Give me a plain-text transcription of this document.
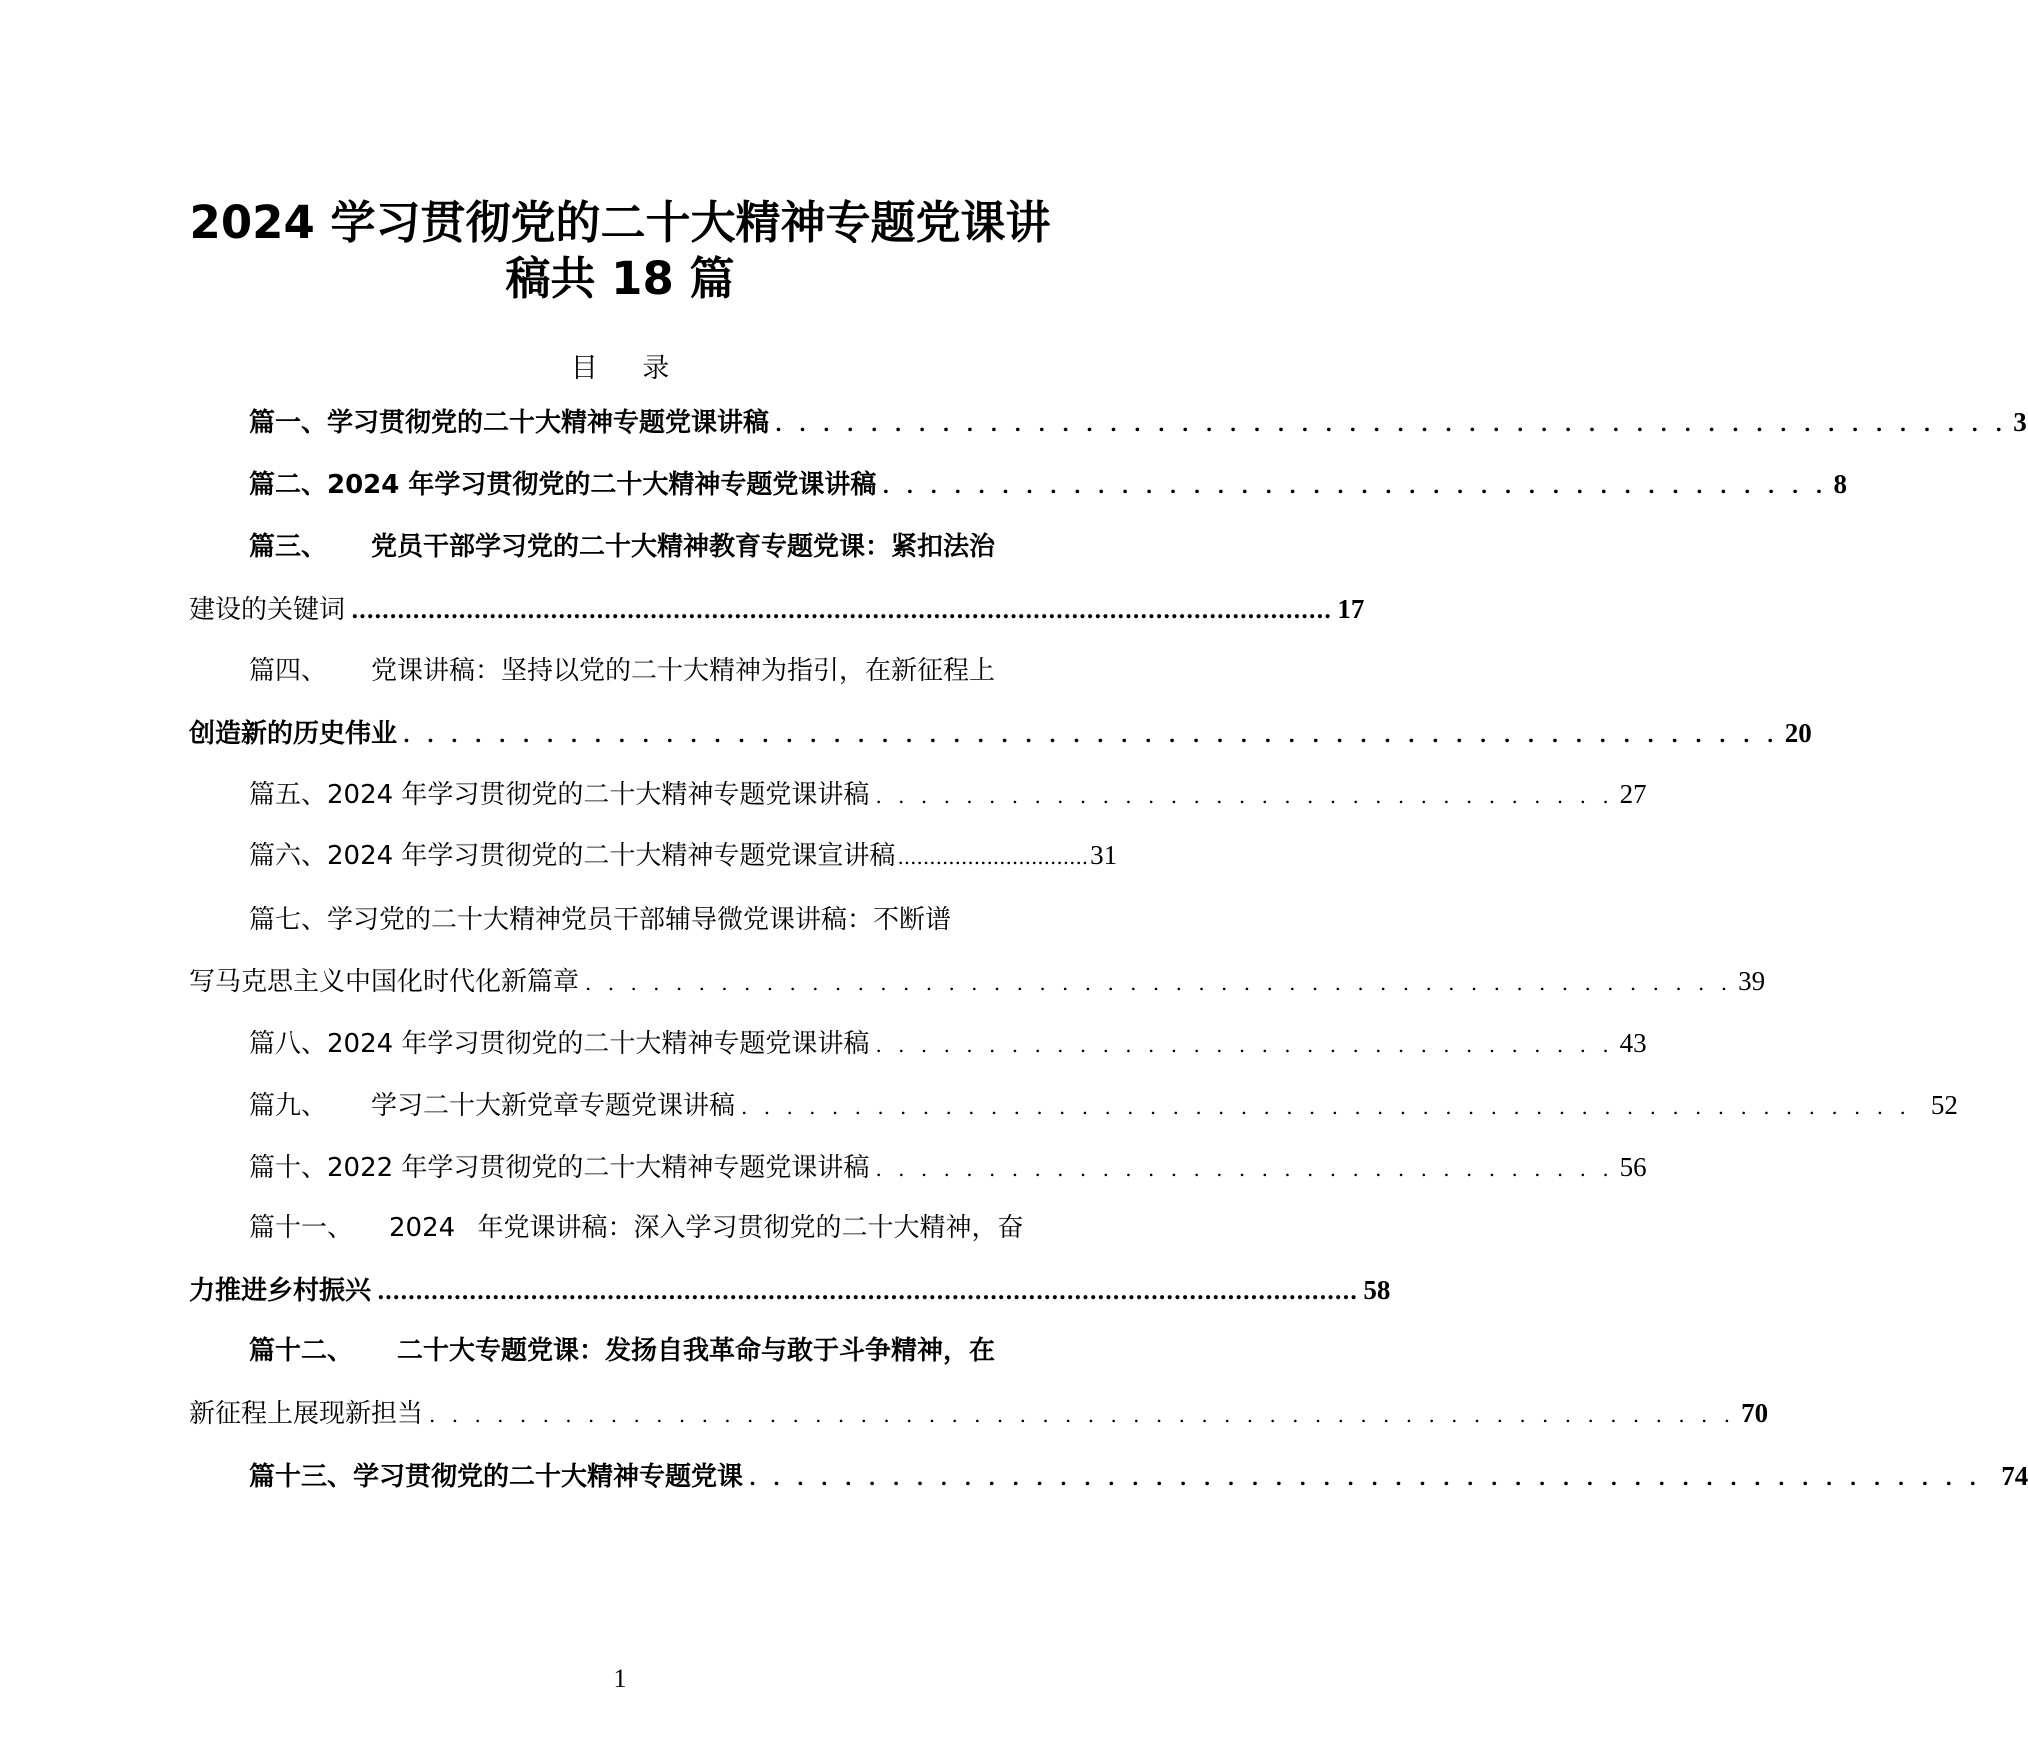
2024 学习贯彻党的二十大精神专题党课讲
稿共 18 篇
目 录
篇一、学习贯彻党的二十大精神专题党课讲稿 . . . . . . . . . . . . . . . . . . . . . . . . . . . . . . . . . . . . . . . . . . . . . . . . . . . . 3
篇二、2024 年学习贯彻党的二十大精神专题党课讲稿 . . . . . . . . . . . . . . . . . . . . . . . . . . . . . . . . . . . . . . . . 8
篇三、 党员干部学习党的二十大精神教育专题党课：紧扣法治
建设的关键词 ................................................................................................................................ 17
篇四、 党课讲稿：坚持以党的二十大精神为指引，在新征程上
创造新的历史伟业 . . . . . . . . . . . . . . . . . . . . . . . . . . . . . . . . . . . . . . . . . . . . . . . . . . . . . . . . . . 20
篇五、2024 年学习贯彻党的二十大精神专题党课讲稿 . . . . . . . . . . . . . . . . . . . . . . . . . . . . . . . . . 27
篇六、2024 年学习贯彻党的二十大精神专题党课宣讲稿 .............................. 31
篇七、学习党的二十大精神党员干部辅导微党课讲稿：不断谱
写马克思主义中国化时代化新篇章 . . . . . . . . . . . . . . . . . . . . . . . . . . . . . . . . . . . . . . . . . . . . . . . . . . . 39
篇八、2024 年学习贯彻党的二十大精神专题党课讲稿 . . . . . . . . . . . . . . . . . . . . . . . . . . . . . . . . . 43
篇九、 学习二十大新党章专题党课讲稿 . . . . . . . . . . . . . . . . . . . . . . . . . . . . . . . . . . . . . . . . . . . . . . . . . . . . 52
篇十、2022 年学习贯彻党的二十大精神专题党课讲稿 . . . . . . . . . . . . . . . . . . . . . . . . . . . . . . . . . 56
篇十一、 2024 年党课讲稿：深入学习贯彻党的二十大精神，奋
力推进乡村振兴 ................................................................................................................................ 58
篇十二、 二十大专题党课：发扬自我革命与敢于斗争精神，在
新征程上展现新担当 . . . . . . . . . . . . . . . . . . . . . . . . . . . . . . . . . . . . . . . . . . . . . . . . . . . . . . . . . . 70
篇十三、学习贯彻党的二十大精神专题党课 . . . . . . . . . . . . . . . . . . . . . . . . . . . . . . . . . . . . . . . . . . . . . . . . . . . . 74
1
